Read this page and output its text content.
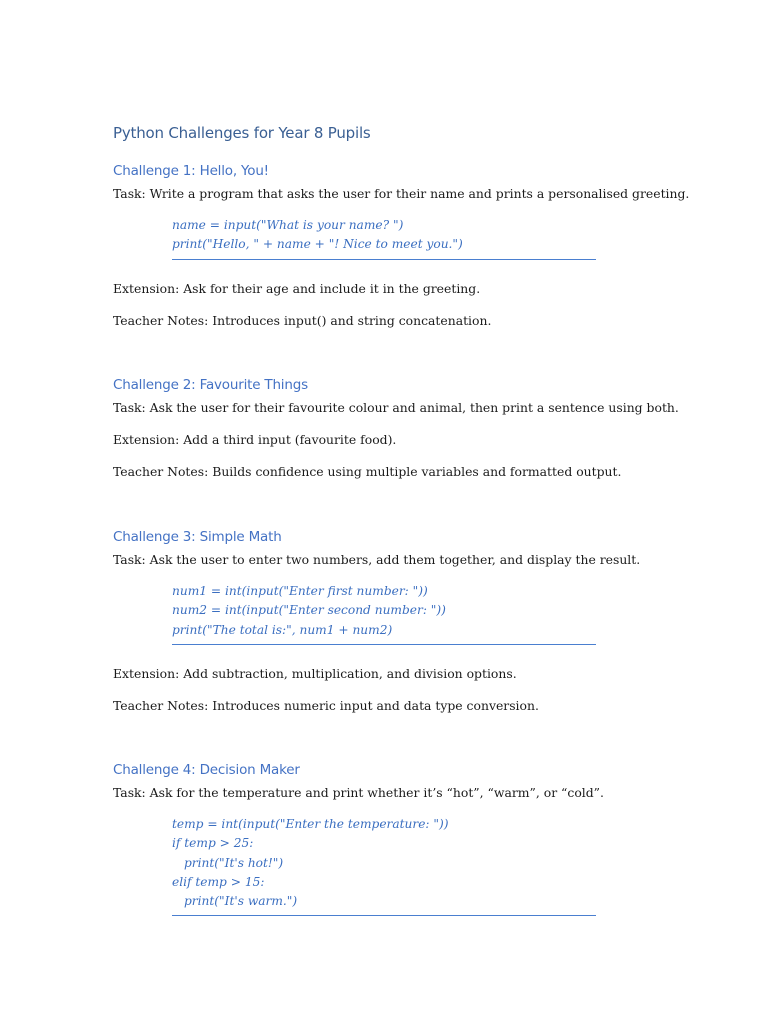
Python Challenges for Year 8 Pupils
Challenge 1: Hello, You!

Task: Write a program that asks the user for their name and prints a personalised greeting.

name = input("What is your name? ")

print("Hello, " + name + "! Nice to meet you.")

Extension: Ask for their age and include it in the greeting.

Teacher Notes: Introduces input() and string concatenation.

Challenge 2: Favourite Things

Task: Ask the user for their favourite colour and animal, then print a sentence using both.

Extension: Add a third input (favourite food).

Teacher Notes: Builds confidence using multiple variables and formatted output.

Challenge 3: Simple Math

Task: Ask the user to enter two numbers, add them together, and display the result.

num1 = int(input("Enter first number: "))

num2 = int(input("Enter second number: "))

print("The total is:", num1 + num2)

Extension: Add subtraction, multiplication, and division options.

Teacher Notes: Introduces numeric input and data type conversion.

Challenge 4: Decision Maker

Task: Ask for the temperature and print whether it’s “hot”, “warm”, or “cold”.

temp = int(input("Enter the temperature: "))

if temp > 25:

print("It's hot!")

elif temp > 15:

print("It's warm.")
